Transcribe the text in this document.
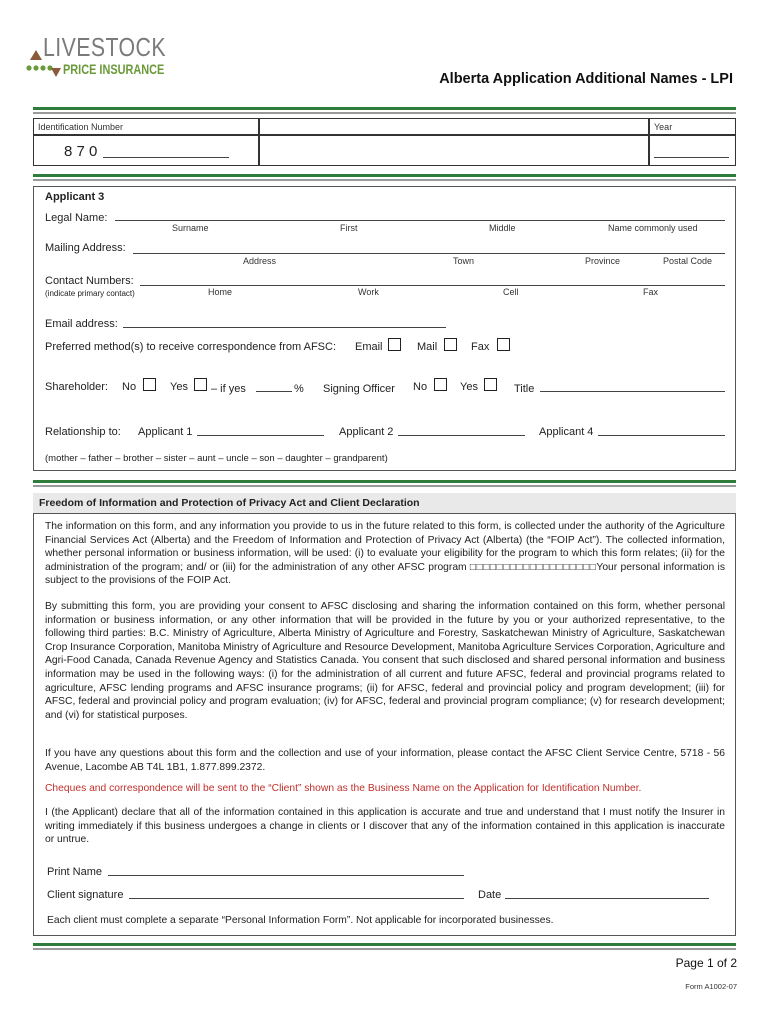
LIVESTOCK
PRICE INSURANCE
Alberta Application Additional Names - LPI
Identification Number	Year
8 7 0
Applicant 3
Legal Name:
Surname	First	Middle	Name commonly used
Mailing Address:
Address	Town	Province	Postal Code
Contact Numbers:
(indicate primary contact)	Home	Work	Cell	Fax
Email address:
Preferred method(s) to receive correspondence from AFSC: Email	Mail	Fax
Shareholder: No	Yes – if yes	% Signing Officer No	Yes	Title
Relationship to: Applicant 1	Applicant 2	Applicant 4
(mother – father – brother – sister – aunt – uncle – son – daughter – grandparent)
Freedom of Information and Protection of Privacy Act and Client Declaration
The information on this form, and any information you provide to us in the future related to this form, is collected under the authority of the Agriculture Financial Services Act (Alberta) and the Freedom of Information and Protection of Privacy Act (Alberta) (the “FOIP Act”). The collected information, whether personal information or business information, will be used: (i) to evaluate your eligibility for the program to which this form relates; (ii) for the administration of the program; and/ or (iii) for the administration of any other AFSC program □□□□□□□□□□□□□□□□□□□Your personal information is subject to the provisions of the FOIP Act.
By submitting this form, you are providing your consent to AFSC disclosing and sharing the information contained on this form, whether personal information or business information, or any other information that will be provided in the future by you or your authorized representative, to the following third parties: B.C. Ministry of Agriculture, Alberta Ministry of Agriculture and Forestry, Saskatchewan Ministry of Agriculture, Saskatchewan Crop Insurance Corporation, Manitoba Ministry of Agriculture and Resource Development, Manitoba Agriculture Services Corporation, Agriculture and Agri-Food Canada, Canada Revenue Agency and Statistics Canada. You consent that such disclosed and shared personal information and business information may be used in the following ways: (i) for the administration of all current and future AFSC, federal and provincial programs related to agriculture, AFSC lending programs and AFSC insurance programs; (ii) for AFSC, federal and provincial policy and program development; (iii) for AFSC, federal and provincial policy and program evaluation; (iv) for AFSC, federal and provincial program compliance; (v) for research development; and (vi) for statistical purposes.
If you have any questions about this form and the collection and use of your information, please contact the AFSC Client Service Centre, 5718 - 56 Avenue, Lacombe AB T4L 1B1, 1.877.899.2372.
Cheques and correspondence will be sent to the “Client” shown as the Business Name on the Application for Identification Number.
I (the Applicant) declare that all of the information contained in this application is accurate and true and understand that I must notify the Insurer in writing immediately if this business undergoes a change in clients or I discover that any of the information contained in this application is inaccurate or untrue.
Print Name
Client signature	Date
Each client must complete a separate “Personal Information Form”. Not applicable for incorporated businesses.
Page 1 of 2
Form A1002-07
